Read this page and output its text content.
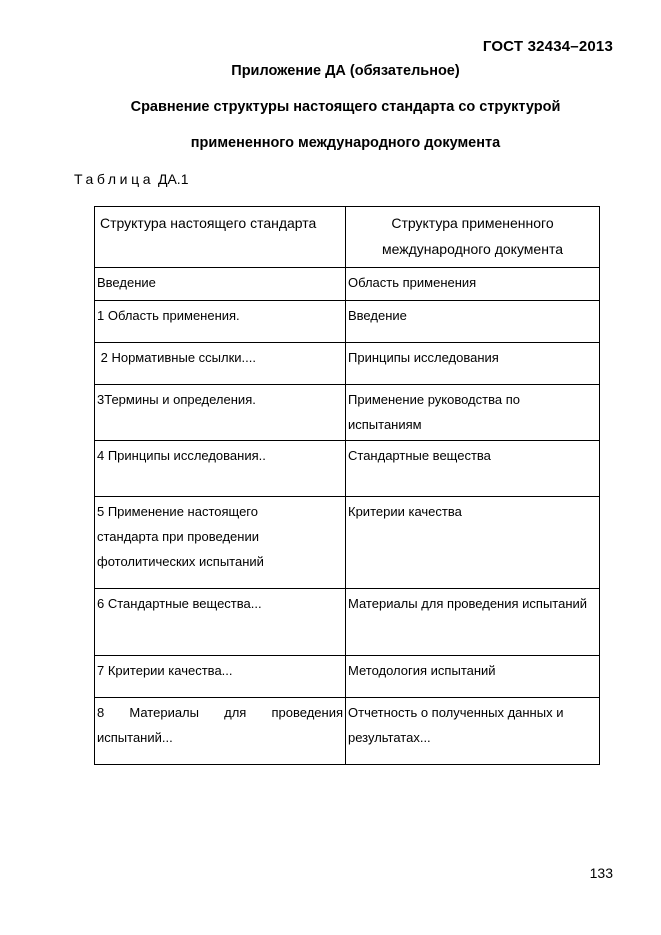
ГОСТ 32434–2013
Приложение ДА (обязательное)
Сравнение структуры настоящего стандарта со структурой
примененного международного документа
Таблица ДА.1
Структура настоящего стандарта	Структура примененного международного документа
Введение	Область применения
1 Область применения.	Введение
2 Нормативные ссылки....	Принципы исследования
3Термины и определения.	Применение руководства по испытаниям
4 Принципы исследования..	Стандартные вещества
5 Применение настоящего стандарта при проведении фотолитических испытаний	Критерии качества
6 Стандартные вещества...	Материалы для проведения испытаний
7 Критерии качества...	Методология испытаний
8 Материалы для проведения испытаний...	Отчетность о полученных данных и результатах...
133
